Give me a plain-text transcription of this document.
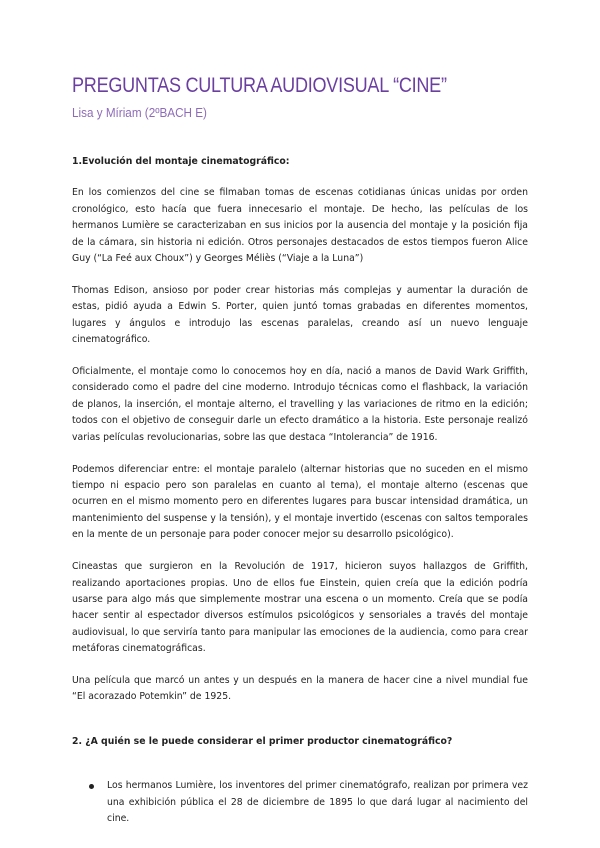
PREGUNTAS CULTURA AUDIOVISUAL “CINE”
Lisa y Míriam (2ºBACH E)

1.Evolución del montaje cinematográfico:

En los comienzos del cine se filmaban tomas de escenas cotidianas únicas unidas por orden cronológico, esto hacía que fuera innecesario el montaje. De hecho, las películas de los hermanos Lumière se caracterizaban en sus inicios por la ausencia del montaje y la posición fija de la cámara, sin historia ni edición. Otros personajes destacados de estos tiempos fueron Alice Guy (“La Feé aux Choux”) y Georges Méliès (“Viaje a la Luna”)

Thomas Edison, ansioso por poder crear historias más complejas y aumentar la duración de estas, pidió ayuda a Edwin S. Porter, quien juntó tomas grabadas en diferentes momentos, lugares y ángulos e introdujo las escenas paralelas, creando así un nuevo lenguaje cinematográfico.

Oficialmente, el montaje como lo conocemos hoy en día, nació a manos de David Wark Griffith, considerado como el padre del cine moderno. Introdujo técnicas como el flashback, la variación de planos, la inserción, el montaje alterno, el travelling y las variaciones de ritmo en la edición; todos con el objetivo de conseguir darle un efecto dramático a la historia. Este personaje realizó varias películas revolucionarias, sobre las que destaca “Intolerancia” de 1916.

Podemos diferenciar entre: el montaje paralelo (alternar historias que no suceden en el mismo tiempo ni espacio pero son paralelas en cuanto al tema), el montaje alterno (escenas que ocurren en el mismo momento pero en diferentes lugares para buscar intensidad dramática, un mantenimiento del suspense y la tensión), y el montaje invertido (escenas con saltos temporales en la mente de un personaje para poder conocer mejor su desarrollo psicológico).

Cineastas que surgieron en la Revolución de 1917, hicieron suyos hallazgos de Griffith, realizando aportaciones propias. Uno de ellos fue Einstein, quien creía que la edición podría usarse para algo más que simplemente mostrar una escena o un momento. Creía que se podía hacer sentir al espectador diversos estímulos psicológicos y sensoriales a través del montaje audiovisual, lo que serviría tanto para manipular las emociones de la audiencia, como para crear metáforas cinematográficas.

Una película que marcó un antes y un después en la manera de hacer cine a nivel mundial fue “El acorazado Potemkin” de 1925.

2. ¿A quién se le puede considerar el primer productor cinematográfico?

Los hermanos Lumière, los inventores del primer cinematógrafo, realizan por primera vez una exhibición pública el 28 de diciembre de 1895 lo que dará lugar al nacimiento del cine.
